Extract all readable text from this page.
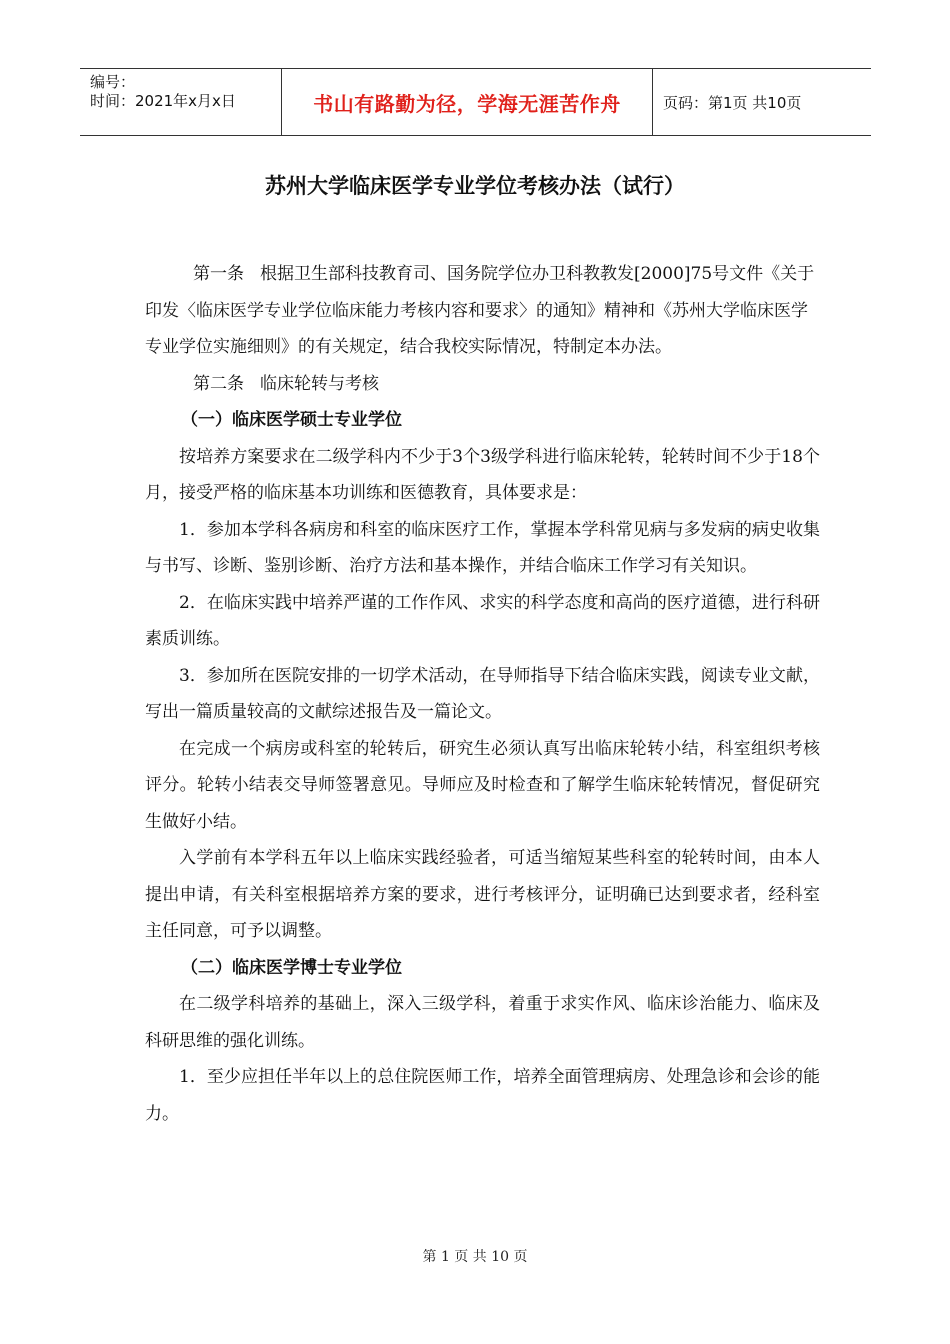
编号：
时间：2021年x月x日	书山有路勤为径，学海无涯苦作舟	页码：第1页 共10页
苏州大学临床医学专业学位考核办法（试行）

第一条 根据卫生部科技教育司、国务院学位办卫科教教发[2000]75号文件《关于印发〈临床医学专业学位临床能力考核内容和要求〉的通知》精神和《苏州大学临床医学专业学位实施细则》的有关规定，结合我校实际情况，特制定本办法。

第二条 临床轮转与考核

（一）临床医学硕士专业学位

按培养方案要求在二级学科内不少于3个3级学科进行临床轮转，轮转时间不少于18个月，接受严格的临床基本功训练和医德教育，具体要求是：

1．参加本学科各病房和科室的临床医疗工作，掌握本学科常见病与多发病的病史收集与书写、诊断、鉴别诊断、治疗方法和基本操作，并结合临床工作学习有关知识。

2．在临床实践中培养严谨的工作作风、求实的科学态度和高尚的医疗道德，进行科研素质训练。

3．参加所在医院安排的一切学术活动，在导师指导下结合临床实践，阅读专业文献，写出一篇质量较高的文献综述报告及一篇论文。

在完成一个病房或科室的轮转后，研究生必须认真写出临床轮转小结，科室组织考核评分。轮转小结表交导师签署意见。导师应及时检查和了解学生临床轮转情况，督促研究生做好小结。

入学前有本学科五年以上临床实践经验者，可适当缩短某些科室的轮转时间，由本人提出申请，有关科室根据培养方案的要求，进行考核评分，证明确已达到要求者，经科室主任同意，可予以调整。

（二）临床医学博士专业学位

在二级学科培养的基础上，深入三级学科，着重于求实作风、临床诊治能力、临床及科研思维的强化训练。

1．至少应担任半年以上的总住院医师工作，培养全面管理病房、处理急诊和会诊的能力。

第 1 页 共 10 页
